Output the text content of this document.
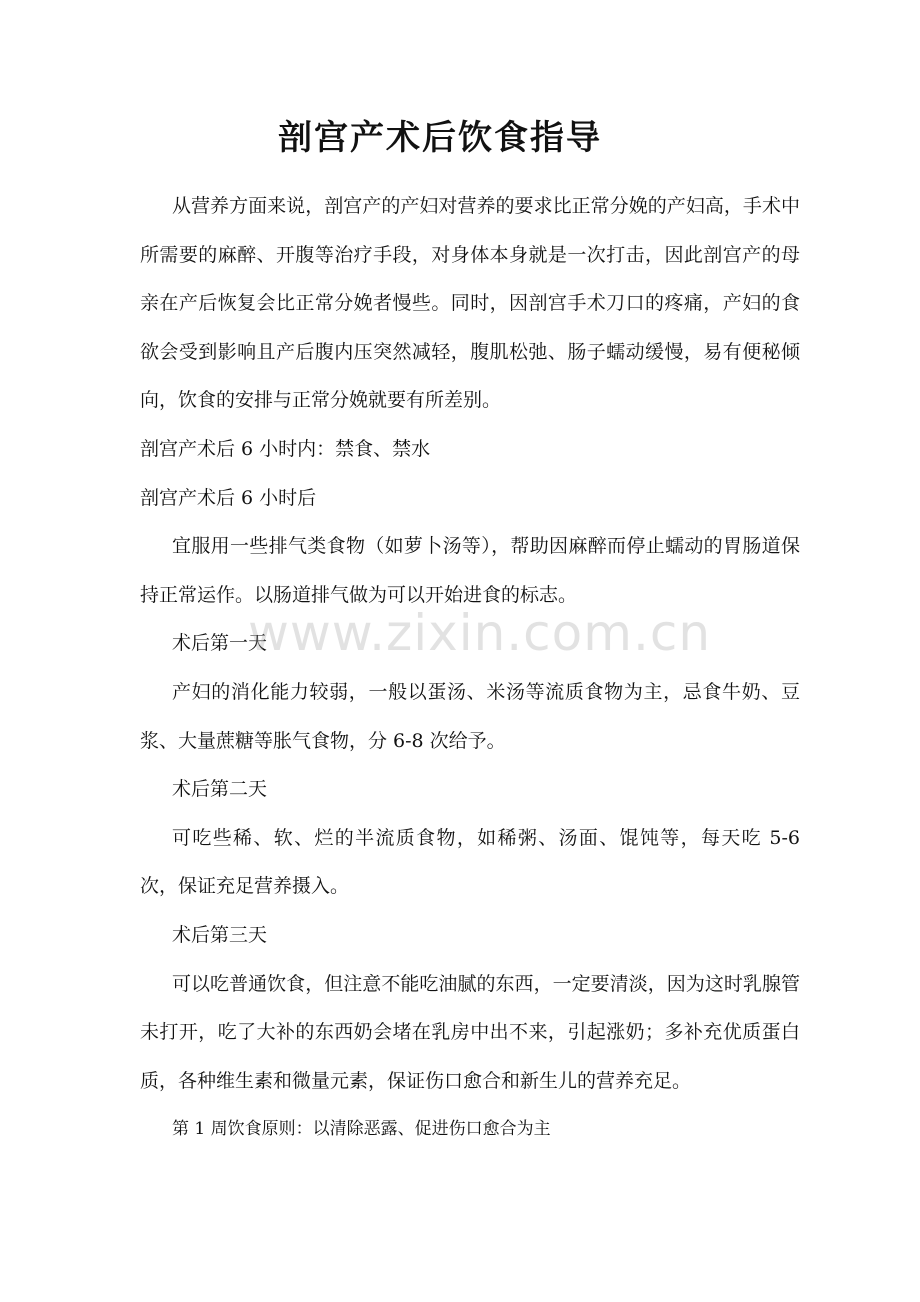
剖宫产术后饮食指导

从营养方面来说，剖宫产的产妇对营养的要求比正常分娩的产妇高，手术中所需要的麻醉、开腹等治疗手段，对身体本身就是一次打击，因此剖宫产的母亲在产后恢复会比正常分娩者慢些。同时，因剖宫手术刀口的疼痛，产妇的食欲会受到影响且产后腹内压突然减轻，腹肌松弛、肠子蠕动缓慢，易有便秘倾向，饮食的安排与正常分娩就要有所差别。

剖宫产术后 6 小时内：禁食、禁水

剖宫产术后 6 小时后

宜服用一些排气类食物（如萝卜汤等），帮助因麻醉而停止蠕动的胃肠道保持正常运作。以肠道排气做为可以开始进食的标志。

术后第一天

产妇的消化能力较弱，一般以蛋汤、米汤等流质食物为主，忌食牛奶、豆浆、大量蔗糖等胀气食物，分 6-8 次给予。

术后第二天

可吃些稀、软、烂的半流质食物，如稀粥、汤面、馄饨等，每天吃 5-6 次，保证充足营养摄入。

术后第三天

可以吃普通饮食，但注意不能吃油腻的东西，一定要清淡，因为这时乳腺管未打开，吃了大补的东西奶会堵在乳房中出不来，引起涨奶；多补充优质蛋白质，各种维生素和微量元素，保证伤口愈合和新生儿的营养充足。

第 1 周饮食原则：以清除恶露、促进伤口愈合为主

www.zixin.com.cn
